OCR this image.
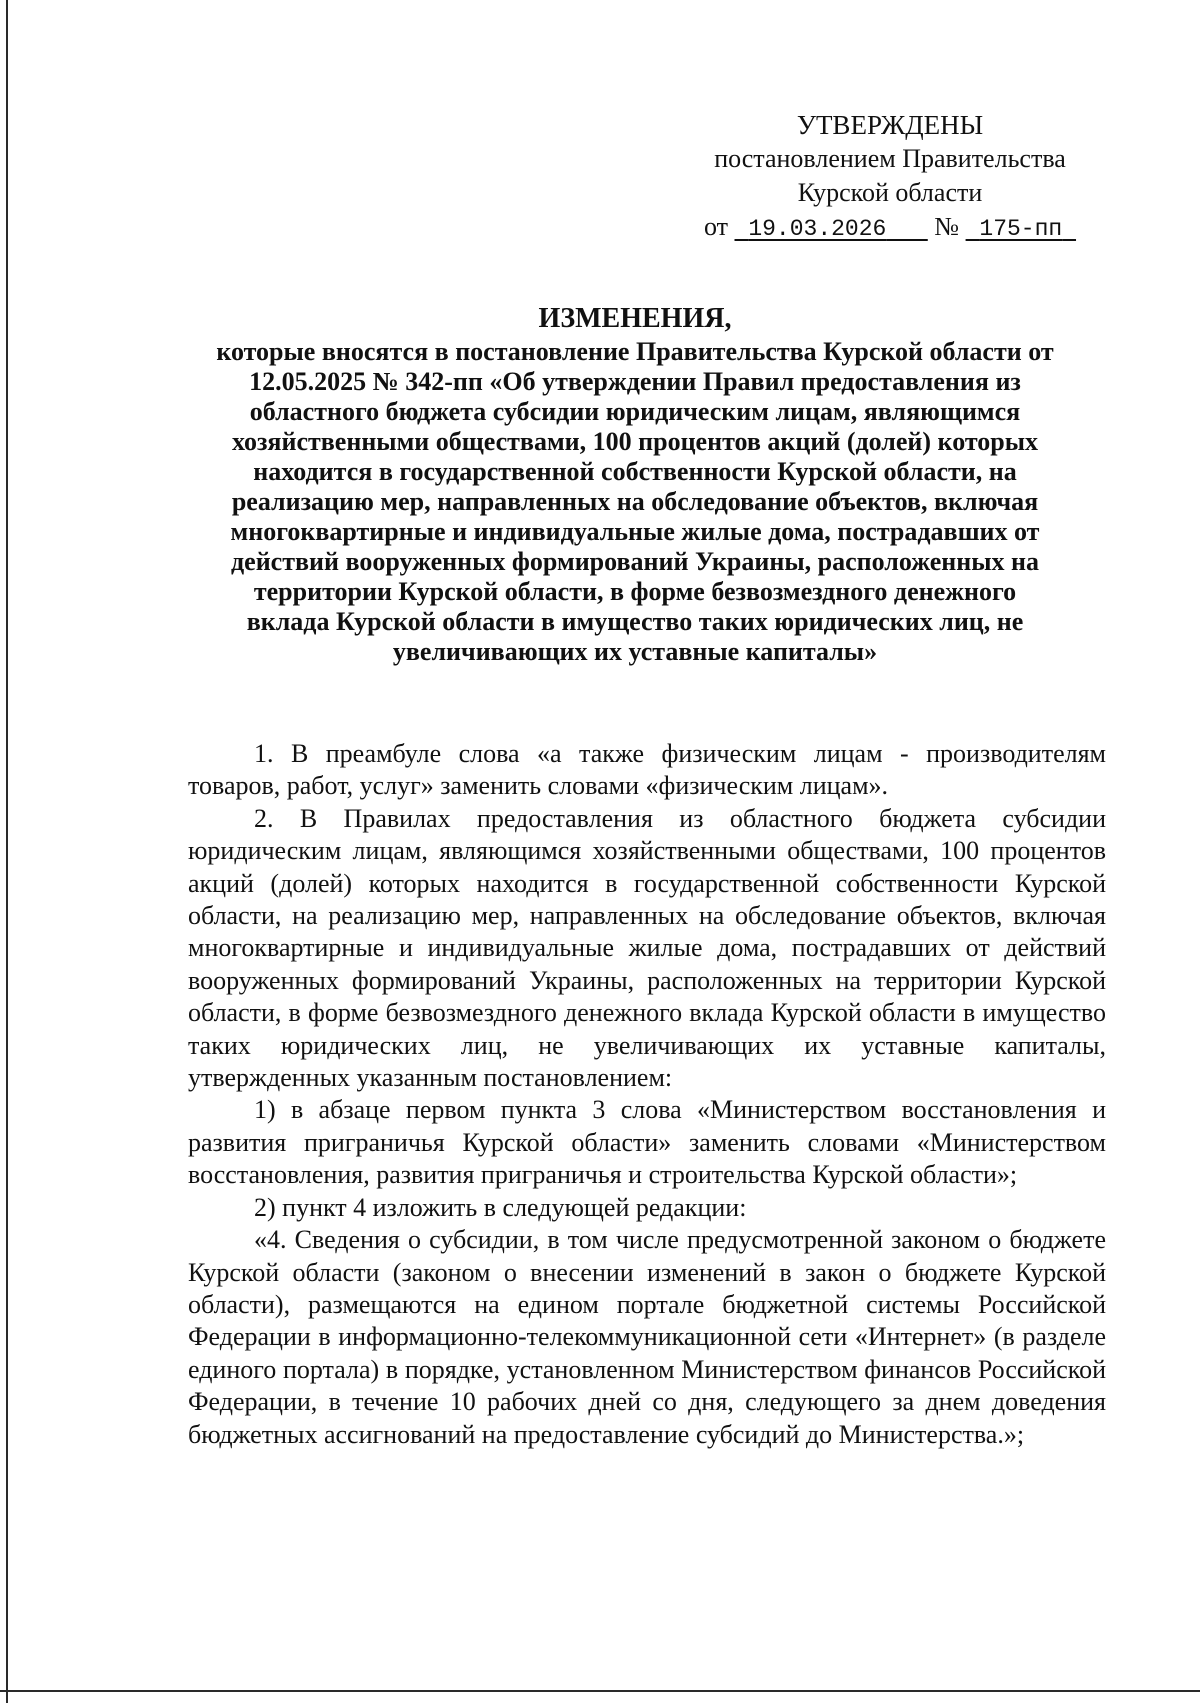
УТВЕРЖДЕНЫ
постановлением Правительства
Курской области
от 19.03.2026 № 175-пп
ИЗМЕНЕНИЯ,
которые вносятся в постановление Правительства Курской области от
12.05.2025 № 342-пп «Об утверждении Правил предоставления из
областного бюджета субсидии юридическим лицам, являющимся
хозяйственными обществами, 100 процентов акций (долей) которых
находится в государственной собственности Курской области, на
реализацию мер, направленных на обследование объектов, включая
многоквартирные и индивидуальные жилые дома, пострадавших от
действий вооруженных формирований Украины, расположенных на
территории Курской области, в форме безвозмездного денежного
вклада Курской области в имущество таких юридических лиц, не
увеличивающих их уставные капиталы»

1. В преамбуле слова «а также физическим лицам - производителям товаров, работ, услуг» заменить словами «физическим лицам».

2. В Правилах предоставления из областного бюджета субсидии юридическим лицам, являющимся хозяйственными обществами, 100 процентов акций (долей) которых находится в государственной собственности Курской области, на реализацию мер, направленных на обследование объектов, включая многоквартирные и индивидуальные жилые дома, пострадавших от действий вооруженных формирований Украины, расположенных на территории Курской области, в форме безвозмездного денежного вклада Курской области в имущество таких юридических лиц, не увеличивающих их уставные капиталы, утвержденных указанным постановлением:

1) в абзаце первом пункта 3 слова «Министерством восстановления и развития приграничья Курской области» заменить словами «Министерством восстановления, развития приграничья и строительства Курской области»;

2) пункт 4 изложить в следующей редакции:

«4. Сведения о субсидии, в том числе предусмотренной законом о бюджете Курской области (законом о внесении изменений в закон о бюджете Курской области), размещаются на едином портале бюджетной системы Российской Федерации в информационно-телекоммуникационной сети «Интернет» (в разделе единого портала) в порядке, установленном Министерством финансов Российской Федерации, в течение 10 рабочих дней со дня, следующего за днем доведения бюджетных ассигнований на предоставление субсидий до Министерства.»;
